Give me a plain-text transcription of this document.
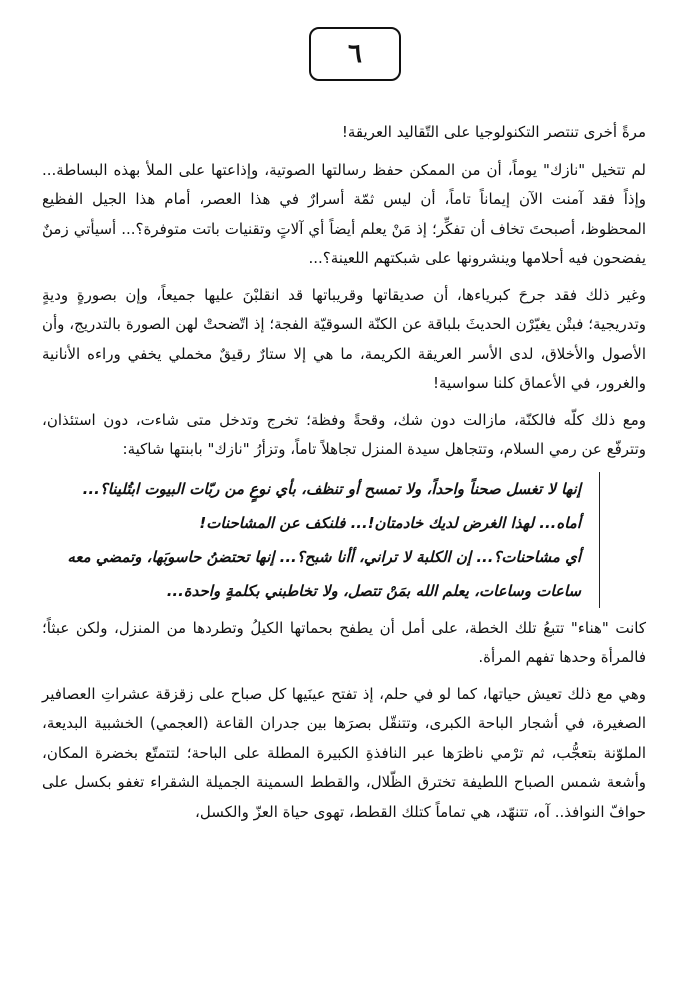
٦

مرةً أخرى تنتصر التكنولوجيا على التّقاليد العريقة!

لم تتخيل "نازك" يوماً، أن من الممكن حفظ رسالتها الصوتية، وإذاعتها على الملأ بهذه البساطة... وإذاً فقد آمنت الآن إيماناً تاماً، أن ليس ثمّة أسرارٌ في هذا العصر، أمام هذا الجيل الفظيع المحظوظ، أصبحتَ تخاف أن تفكِّر؛ إذ مَنْ يعلم أيضاً أي آلاتٍ وتقنيات باتت متوفرة؟... أسيأتي زمنٌ يفضحون فيه أحلامها وينشرونها على شبكتهم اللعينة؟...

وغير ذلك فقد جرحَ كبرياءها، أن صديقاتها وقريباتها قد انقلبْنَ عليها جميعاً، وإن بصورةٍ وديةٍ وتدريجية؛ فبتْن يغيّرْن الحديثَ بلباقة عن الكنّة السوقيّة الفجة؛ إذ اتّضحتْ لهن الصورة بالتدريج، وأن الأصول والأخلاق، لدى الأسر العريقة الكريمة، ما هي إلا ستارٌ رقيقٌ مخملي يخفي وراءه الأنانية والغرور، في الأعماق كلنا سواسية!

ومع ذلك كلّه فالكنّة، مازالت دون شك، وقحةً وفظة؛ تخرج وتدخل متى شاءت، دون استئذان، وتترفّع عن رمي السلام، وتتجاهل سيدة المنزل تجاهلاً تاماً، وتزأرُ "نازك" بابنتها شاكية:

إنها لا تغسل صحناً واحداً، ولا تمسح أو تنظف، بأي نوعٍ من ربّات البيوت ابتُلينا؟...

أماه... لهذا الغرض لديك خادمتان!... فلنكف عن المشاحنات!

أي مشاحنات؟... إن الكلبة لا تراني، أأنا شبح؟... إنها تحتضنُ حاسوبَها، وتمضي معه ساعات وساعات، يعلم الله بمَنْ تتصل، ولا تخاطبني بكلمةٍ واحدة...

كانت "هناء" تتبعُ تلك الخطة، على أمل أن يطفح بحماتها الكيلُ وتطردها من المنزل، ولكن عبثاً؛ فالمرأة وحدها تفهم المرأة.

وهي مع ذلك تعيش حياتها، كما لو في حلم، إذ تفتح عينَيها كل صباح على زقزقة عشراتِ العصافير الصغيرة، في أشجار الباحة الكبرى، وتتنقّل بصرَها بين جدران القاعة (العجمي) الخشبية البديعة، الملوّنة بتعجُّب، ثم ترْمي ناظرَها عبر النافذةِ الكبيرة المطلة على الباحة؛ لتتمتّع بخضرة المكان، وأشعة شمس الصباح اللطيفة تخترق الظّلال، والقطط السمينة الجميلة الشقراء تغفو بكسل على حوافّ النوافذ.. آه، تتنهّد، هي تماماً كتلك القطط، تهوى حياة العزّ والكسل،
